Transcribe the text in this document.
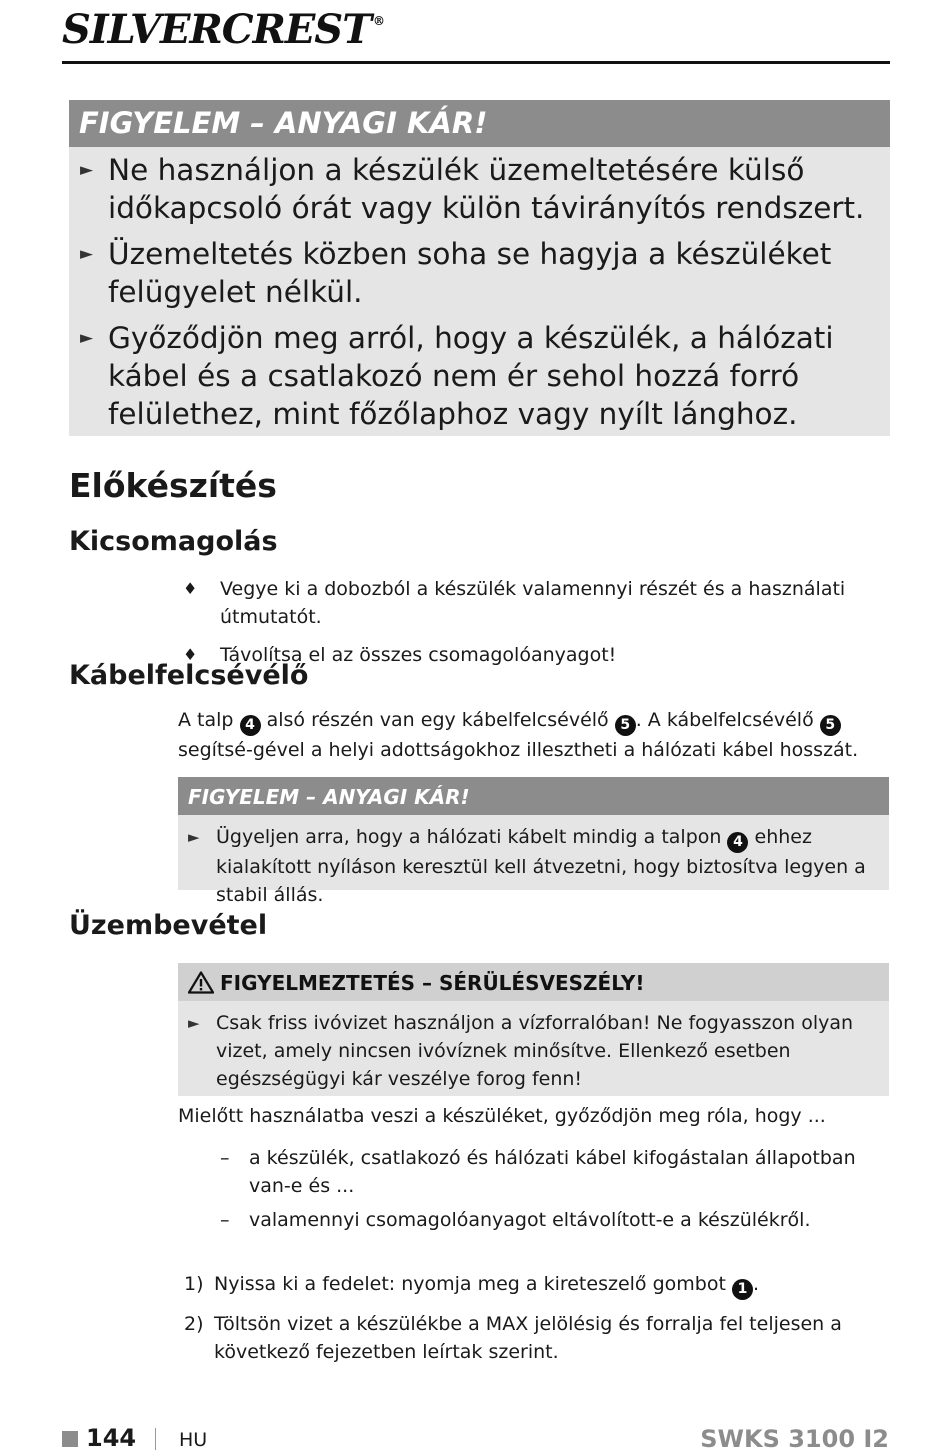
SILVERCREST ®
FIGYELEM – ANYAGI KÁR!
► Ne használjon a készülék üzemeltetésére külső időkapcsoló órát vagy külön távirányítós rendszert.
► Üzemeltetés közben soha se hagyja a készüléket felügyelet nélkül.
► Győződjön meg arról, hogy a készülék, a hálózati kábel és a csatlakozó nem ér sehol hozzá forró felülethez, mint főzőlaphoz vagy nyílt lánghoz.
Előkészítés
Kicsomagolás
♦ Vegye ki a dobozból a készülék valamennyi részét és a használati útmutatót.
♦ Távolítsa el az összes csomagolóanyagot!
Kábelfelcsévélő
A talp 4 alsó részén van egy kábelfelcsévélő 5 . A kábelfelcsévélő 5 segítsé-gével a helyi adottságokhoz illesztheti a hálózati kábel hosszát.
FIGYELEM – ANYAGI KÁR!
► Ügyeljen arra, hogy a hálózati kábelt mindig a talpon 4 ehhez kialakított nyíláson keresztül kell átvezetni, hogy biztosítva legyen a stabil állás.
Üzembevétel
FIGYELMEZTETÉS – SÉRÜLÉSVESZÉLY!
► Csak friss ivóvizet használjon a vízforralóban! Ne fogyasszon olyan vizet, amely nincsen ivóvíznek minősítve. Ellenkező esetben egészségügyi kár veszélye forog fenn!
Mielőtt használatba veszi a készüléket, győződjön meg róla, hogy ...
– a készülék, csatlakozó és hálózati kábel kifogástalan állapotban van-e és ...
– valamennyi csomagolóanyagot eltávolított-e a készülékről.
1) Nyissa ki a fedelet: nyomja meg a kireteszelő gombot 1 .
2) Töltsön vizet a készülékbe a MAX jelölésig és forralja fel teljesen a következő fejezetben leírtak szerint.
144 HU	SWKS 3100 I2
